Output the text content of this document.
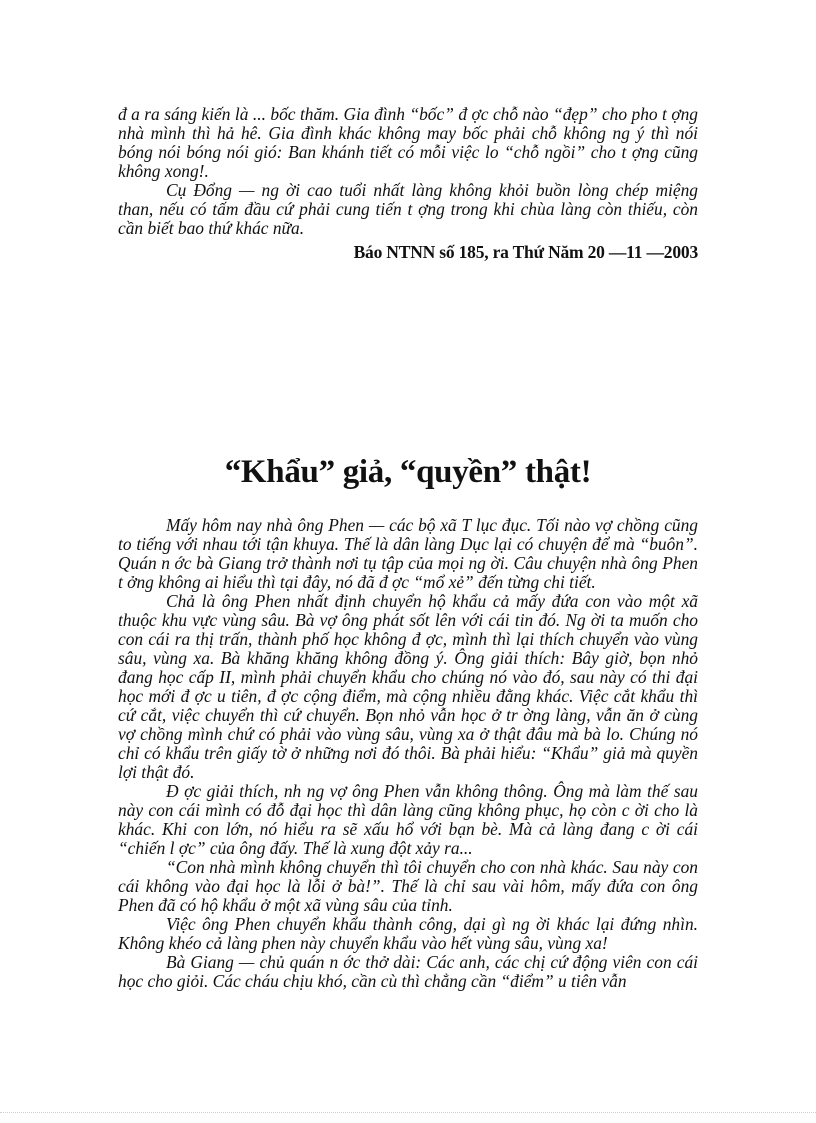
đ a ra sáng kiến là ... bốc thăm. Gia đình “bốc” đ ợc chỗ nào “đẹp” cho pho t ợng nhà mình thì hả hê. Gia đình khác không may bốc phải chỗ không ng ý thì nói bóng nói bóng nói gió: Ban khánh tiết có mỗi việc lo “chỗ ngồi” cho t ợng cũng không xong!.

Cụ Đổng — ng ời cao tuổi nhất làng không khỏi buồn lòng chép miệng than, nếu có tấm đầu cứ phải cung tiến t ợng trong khi chùa làng còn thiếu, còn cần biết bao thứ khác nữa.

Báo NTNN số 185, ra Thứ Năm 20 —11 —2003

“Khẩu” giả, “quyền” thật!

Mấy hôm nay nhà ông Phen — các bộ xã T lục đục. Tối nào vợ chồng cũng to tiếng với nhau tới tận khuya. Thế là dân làng Dục lại có chuyện để mà “buôn”. Quán n ớc bà Giang trở thành nơi tụ tập của mọi ng ời. Câu chuyện nhà ông Phen t ởng không ai hiểu thì tại đây, nó đã đ ợc “mổ xẻ” đến từng chi tiết.

Chả là ông Phen nhất định chuyển hộ khẩu cả mấy đứa con vào một xã thuộc khu vực vùng sâu. Bà vợ ông phát sốt lên với cái tin đó. Ng ời ta muốn cho con cái ra thị trấn, thành phố học không đ ợc, mình thì lại thích chuyển vào vùng sâu, vùng xa. Bà khăng khăng không đồng ý. Ông giải thích: Bây giờ, bọn nhỏ đang học cấp II, mình phải chuyển khẩu cho chúng nó vào đó, sau này có thi đại học mới đ ợc u tiên, đ ợc cộng điểm, mà cộng nhiều đằng khác. Việc cắt khẩu thì cứ cắt, việc chuyển thì cứ chuyển. Bọn nhỏ vẫn học ở tr ờng làng, vẫn ăn ở cùng vợ chồng mình chứ có phải vào vùng sâu, vùng xa ở thật đâu mà bà lo. Chúng nó chỉ có khẩu trên giấy tờ ở những nơi đó thôi. Bà phải hiểu: “Khẩu” giả mà quyền lợi thật đó.

Đ ợc giải thích, nh ng vợ ông Phen vẫn không thông. Ông mà làm thế sau này con cái mình có đỗ đại học thì dân làng cũng không phục, họ còn c ời cho là khác. Khi con lớn, nó hiểu ra sẽ xấu hổ với bạn bè. Mà cả làng đang c ời cái “chiến l ợc” của ông đấy. Thế là xung đột xảy ra...

“Con nhà mình không chuyển thì tôi chuyển cho con nhà khác. Sau này con cái không vào đại học là lỗi ở bà!”. Thế là chỉ sau vài hôm, mấy đứa con ông Phen đã có hộ khẩu ở một xã vùng sâu của tỉnh.

Việc ông Phen chuyển khẩu thành công, dại gì ng ời khác lại đứng nhìn. Không khéo cả làng phen này chuyển khẩu vào hết vùng sâu, vùng xa!

Bà Giang — chủ quán n ớc thở dài: Các anh, các chị cứ động viên con cái học cho giỏi. Các cháu chịu khó, cần cù thì chẳng cần “điểm” u tiên vẫn
